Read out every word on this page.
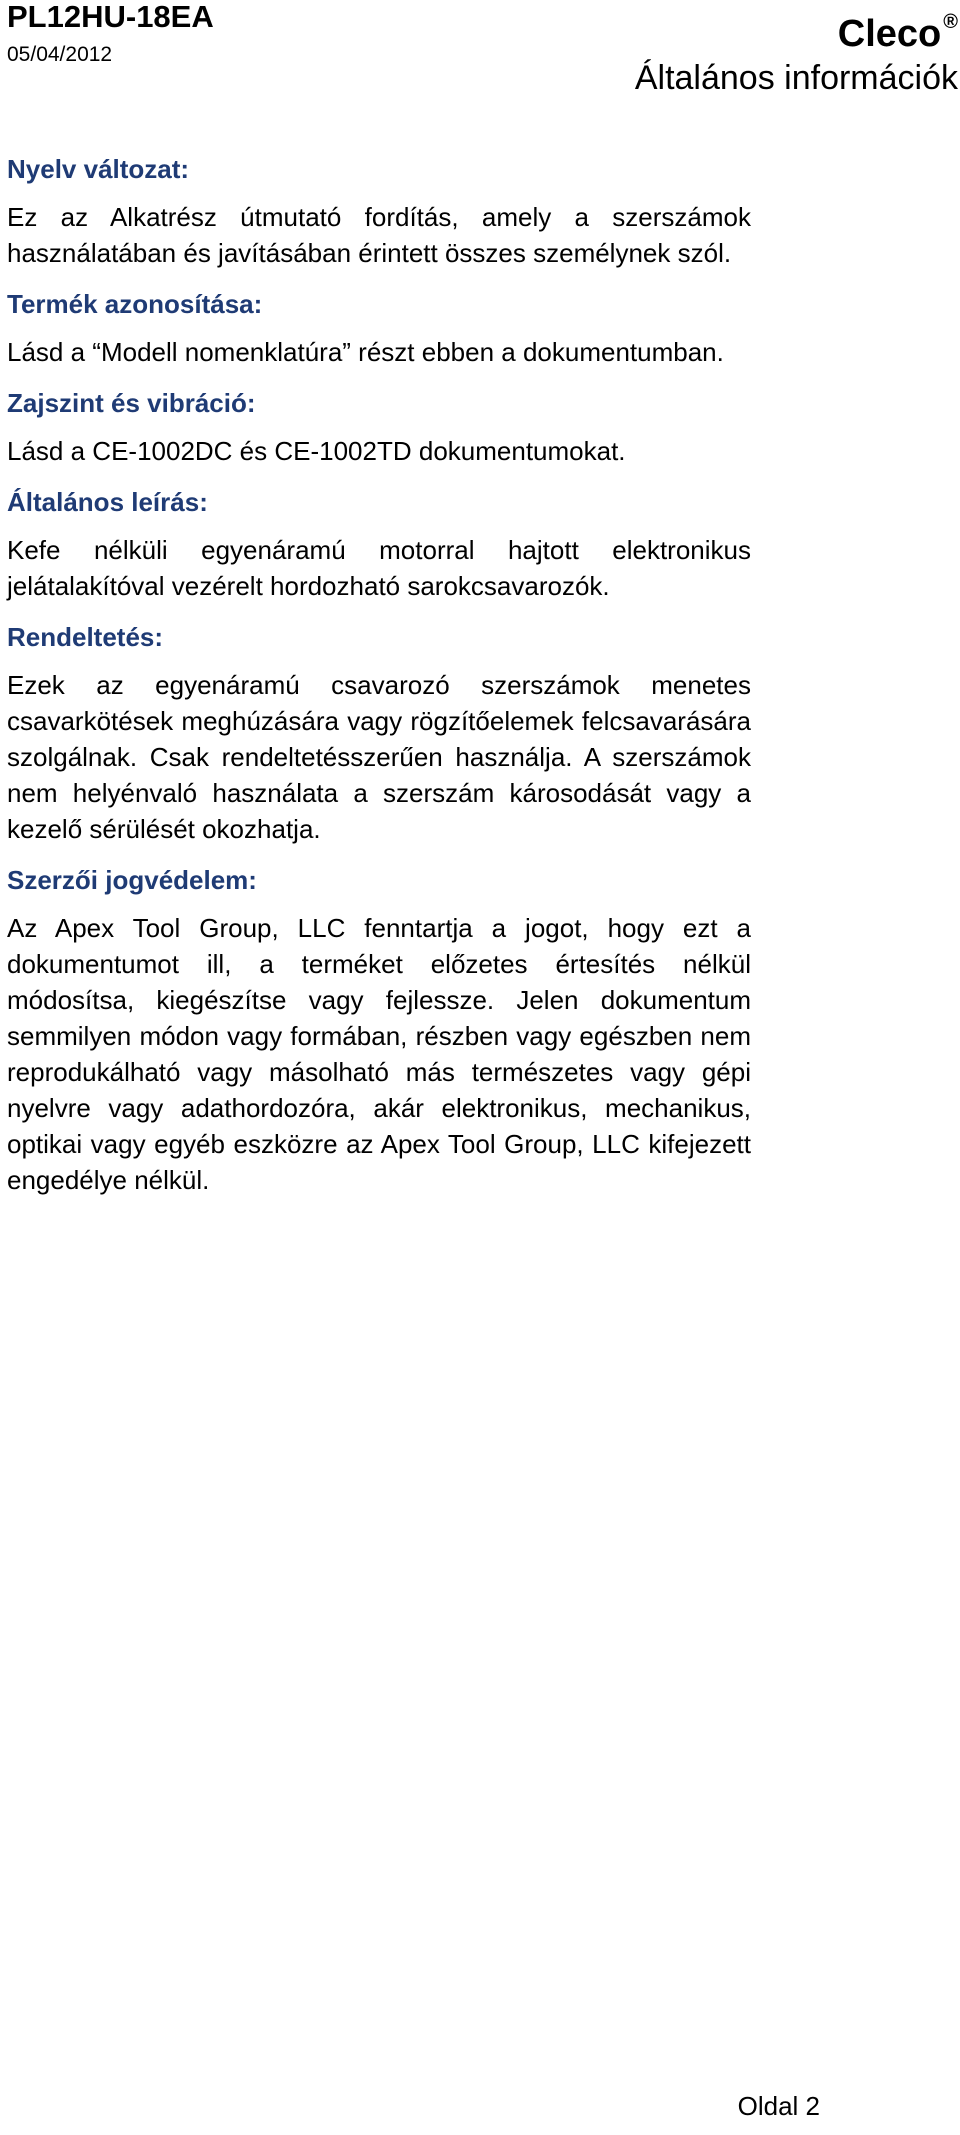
PL12HU-18EA
05/04/2012	Cleco ®
Általános információk
Nyelv változat:

Ez az Alkatrész útmutató fordítás, amely a szerszámok használatában és javításában érintett összes személynek szól.

Termék azonosítása:

Lásd a “Modell nomenklatúra” részt ebben a dokumentumban.

Zajszint és vibráció:

Lásd a CE-1002DC és CE-1002TD dokumentumokat.

Általános leírás:

Kefe nélküli egyenáramú motorral hajtott elektronikus jelátalakítóval vezérelt hordozható sarokcsavarozók.

Rendeltetés:

Ezek az egyenáramú csavarozó szerszámok menetes csavarkötések meghúzására vagy rögzítőelemek felcsavarására szolgálnak. Csak rendeltetésszerűen használja. A szerszámok nem helyénvaló használata a szerszám károsodását vagy a kezelő sérülését okozhatja.

Szerzői jogvédelem:

Az Apex Tool Group, LLC fenntartja a jogot, hogy ezt a dokumentumot ill, a terméket előzetes értesítés nélkül módosítsa, kiegészítse vagy fejlessze. Jelen dokumentum semmilyen módon vagy formában, részben vagy egészben nem reprodukálható vagy másolható más természetes vagy gépi nyelvre vagy adathordozóra, akár elektronikus, mechanikus, optikai vagy egyéb eszközre az Apex Tool Group, LLC kifejezett engedélye nélkül.

Oldal 2
